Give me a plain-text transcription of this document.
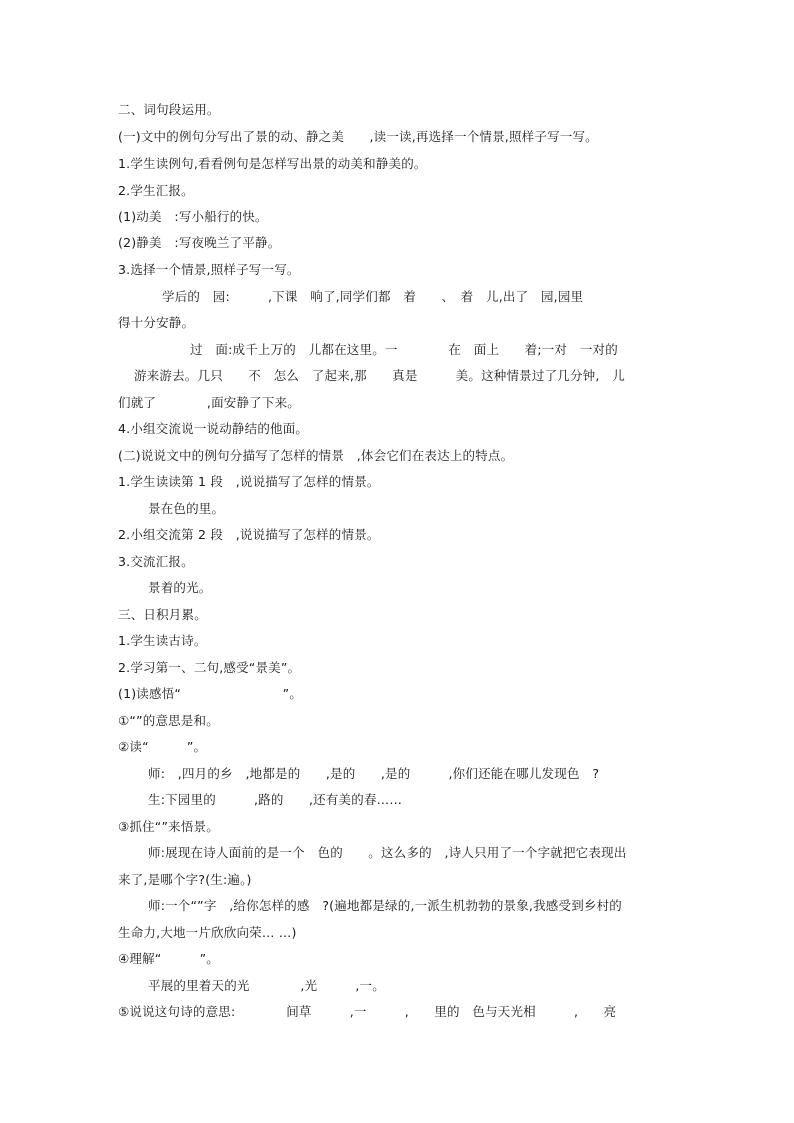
二、词句段运用。
(一)文中的例句分写出了景的动、静之美　　,读一读,再选择一个情景,照样子写一写。
1.学生读例句,看看例句是怎样写出景的动美和静美的。
2.学生汇报。
(1)动美　:写小船行的快。
(2)静美　:写夜晚兰了平静。
3.选择一个情景,照样子写一写。
学后的　园:　　　,下课　响了,同学们都　着　　、　着　儿,出了　园,园里
得十分安静。
过　面:成千上万的　儿都在这里。一　　　　在　面上　　着;一对　一对的
游来游去。几只　　不　怎么　了起来,那　　真是　　　美。这种情景过了几分钟,　儿
们就了　　　　,面安静了下来。
4.小组交流说一说动静结的他面。
(二)说说文中的例句分描写了怎样的情景　,体会它们在表达上的特点。
1.学生读读第 1 段　,说说描写了怎样的情景。
景在色的里。
2.小组交流第 2 段　,说说描写了怎样的情景。
3.交流汇报。
景着的光。
三、日积月累。
1.学生读古诗。
2.学习第一、二句,感受“景美”。
(1)读感悟“　　　　　　　　”。
①“”的意思是和。
②读“　　　”。
师:　,四月的乡　,地都是的　　,是的　　,是的　　　,你们还能在哪儿发现色　?
生:下园里的　　　,路的　　,还有美的春……
③抓住“”来悟景。
师:展现在诗人面前的是一个　色的　　。这么多的　,诗人只用了一个字就把它表现出
来了,是哪个字?(生:遍。)
师:一个“”字　,给你怎样的感　?(遍地都是绿的,一派生机勃勃的景象,我感受到乡村的
生命力,大地一片欣欣向荣… …)
④理解“　　　”。
平展的里着天的光　　　　,光　　　,一。
⑤说说这句诗的意思:　　　　间草　　　,一　　　,　　里的　色与天光相　　　,　　亮
